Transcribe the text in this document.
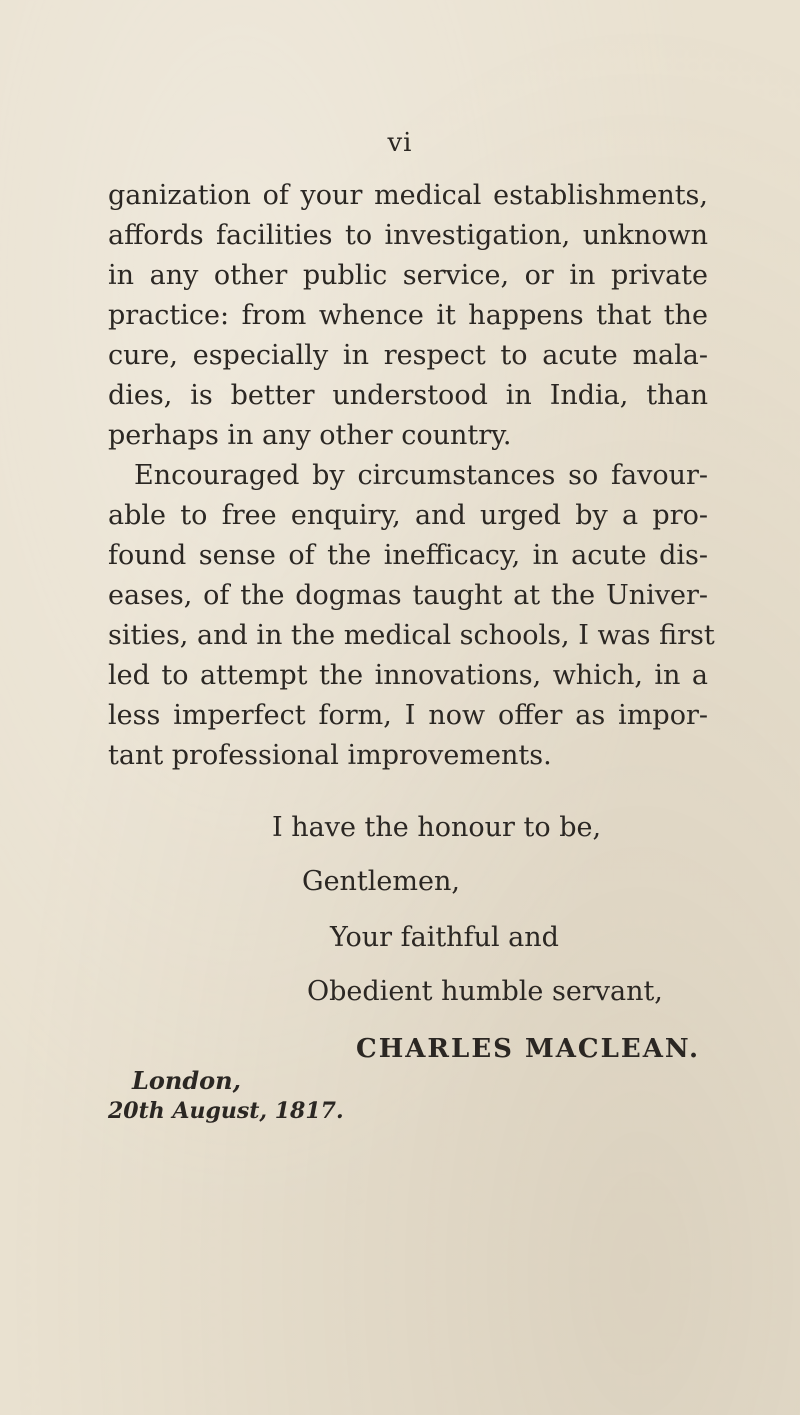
vi
ganization of your medical establishments,
affords facilities to investigation, unknown
in any other public service, or in private
practice: from whence it happens that the
cure, especially in respect to acute mala-
dies, is better understood in India, than
perhaps in any other country.
Encouraged by circumstances so favour-
able to free enquiry, and urged by a pro-
found sense of the inefficacy, in acute dis-
eases, of the dogmas taught at the Univer-
sities, and in the medical schools, I was first
led to attempt the innovations, which, in a
less imperfect form, I now offer as impor-
tant professional improvements.
I have the honour to be,
Gentlemen,
Your faithful and
Obedient humble servant,
CHARLES MACLEAN.
London,
20th August, 1817.
